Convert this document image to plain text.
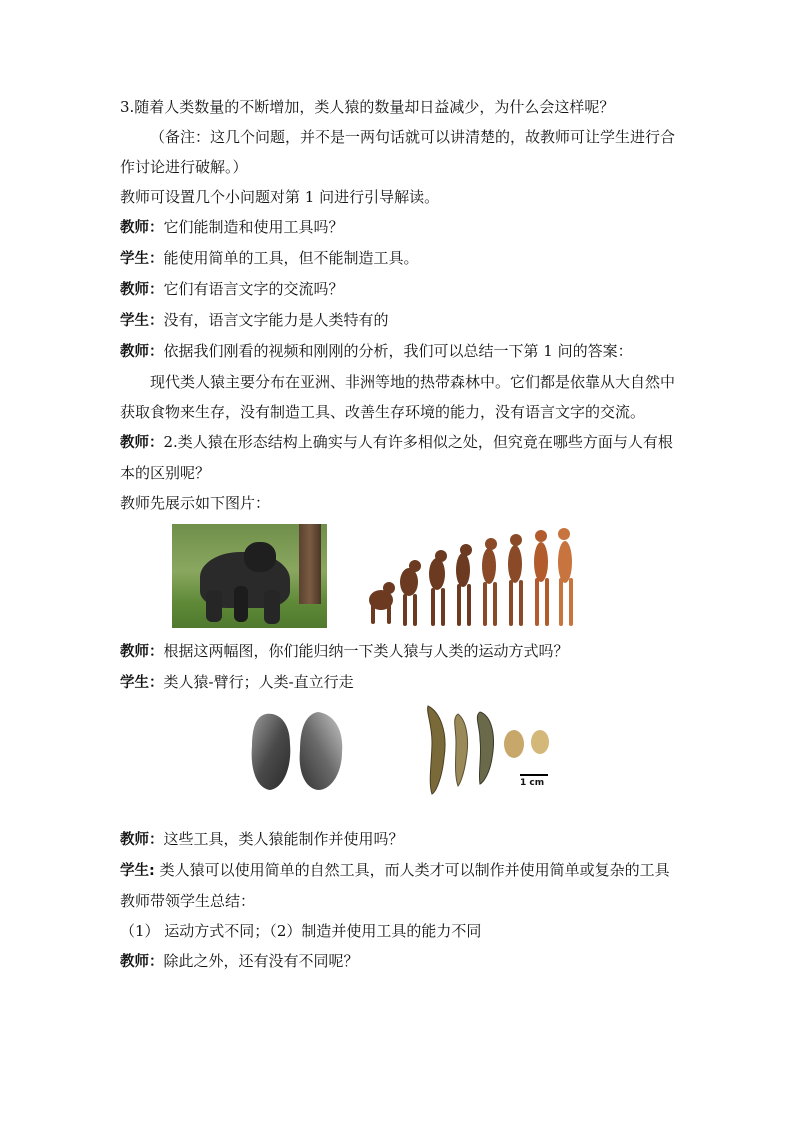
3.随着人类数量的不断增加，类人猿的数量却日益减少，为什么会这样呢？

（备注：这几个问题，并不是一两句话就可以讲清楚的，故教师可让学生进行合作讨论进行破解。）

教师可设置几个小问题对第 1 问进行引导解读。

教师：它们能制造和使用工具吗？

学生：能使用简单的工具，但不能制造工具。

教师：它们有语言文字的交流吗？

学生：没有，语言文字能力是人类特有的

教师：依据我们刚看的视频和刚刚的分析，我们可以总结一下第 1 问的答案：

现代类人猿主要分布在亚洲、非洲等地的热带森林中。它们都是依靠从大自然中获取食物来生存，没有制造工具、改善生存环境的能力，没有语言文字的交流。

教师：2.类人猿在形态结构上确实与人有许多相似之处，但究竟在哪些方面与人有根本的区别呢？

教师先展示如下图片：

教师：根据这两幅图，你们能归纳一下类人猿与人类的运动方式吗？

学生：类人猿-臂行；人类-直立行走

1 cm

教师：这些工具，类人猿能制作并使用吗？

学生: 类人猿可以使用简单的自然工具，而人类才可以制作并使用简单或复杂的工具

教师带领学生总结：

（1） 运动方式不同；（2）制造并使用工具的能力不同

教师：除此之外，还有没有不同呢？
